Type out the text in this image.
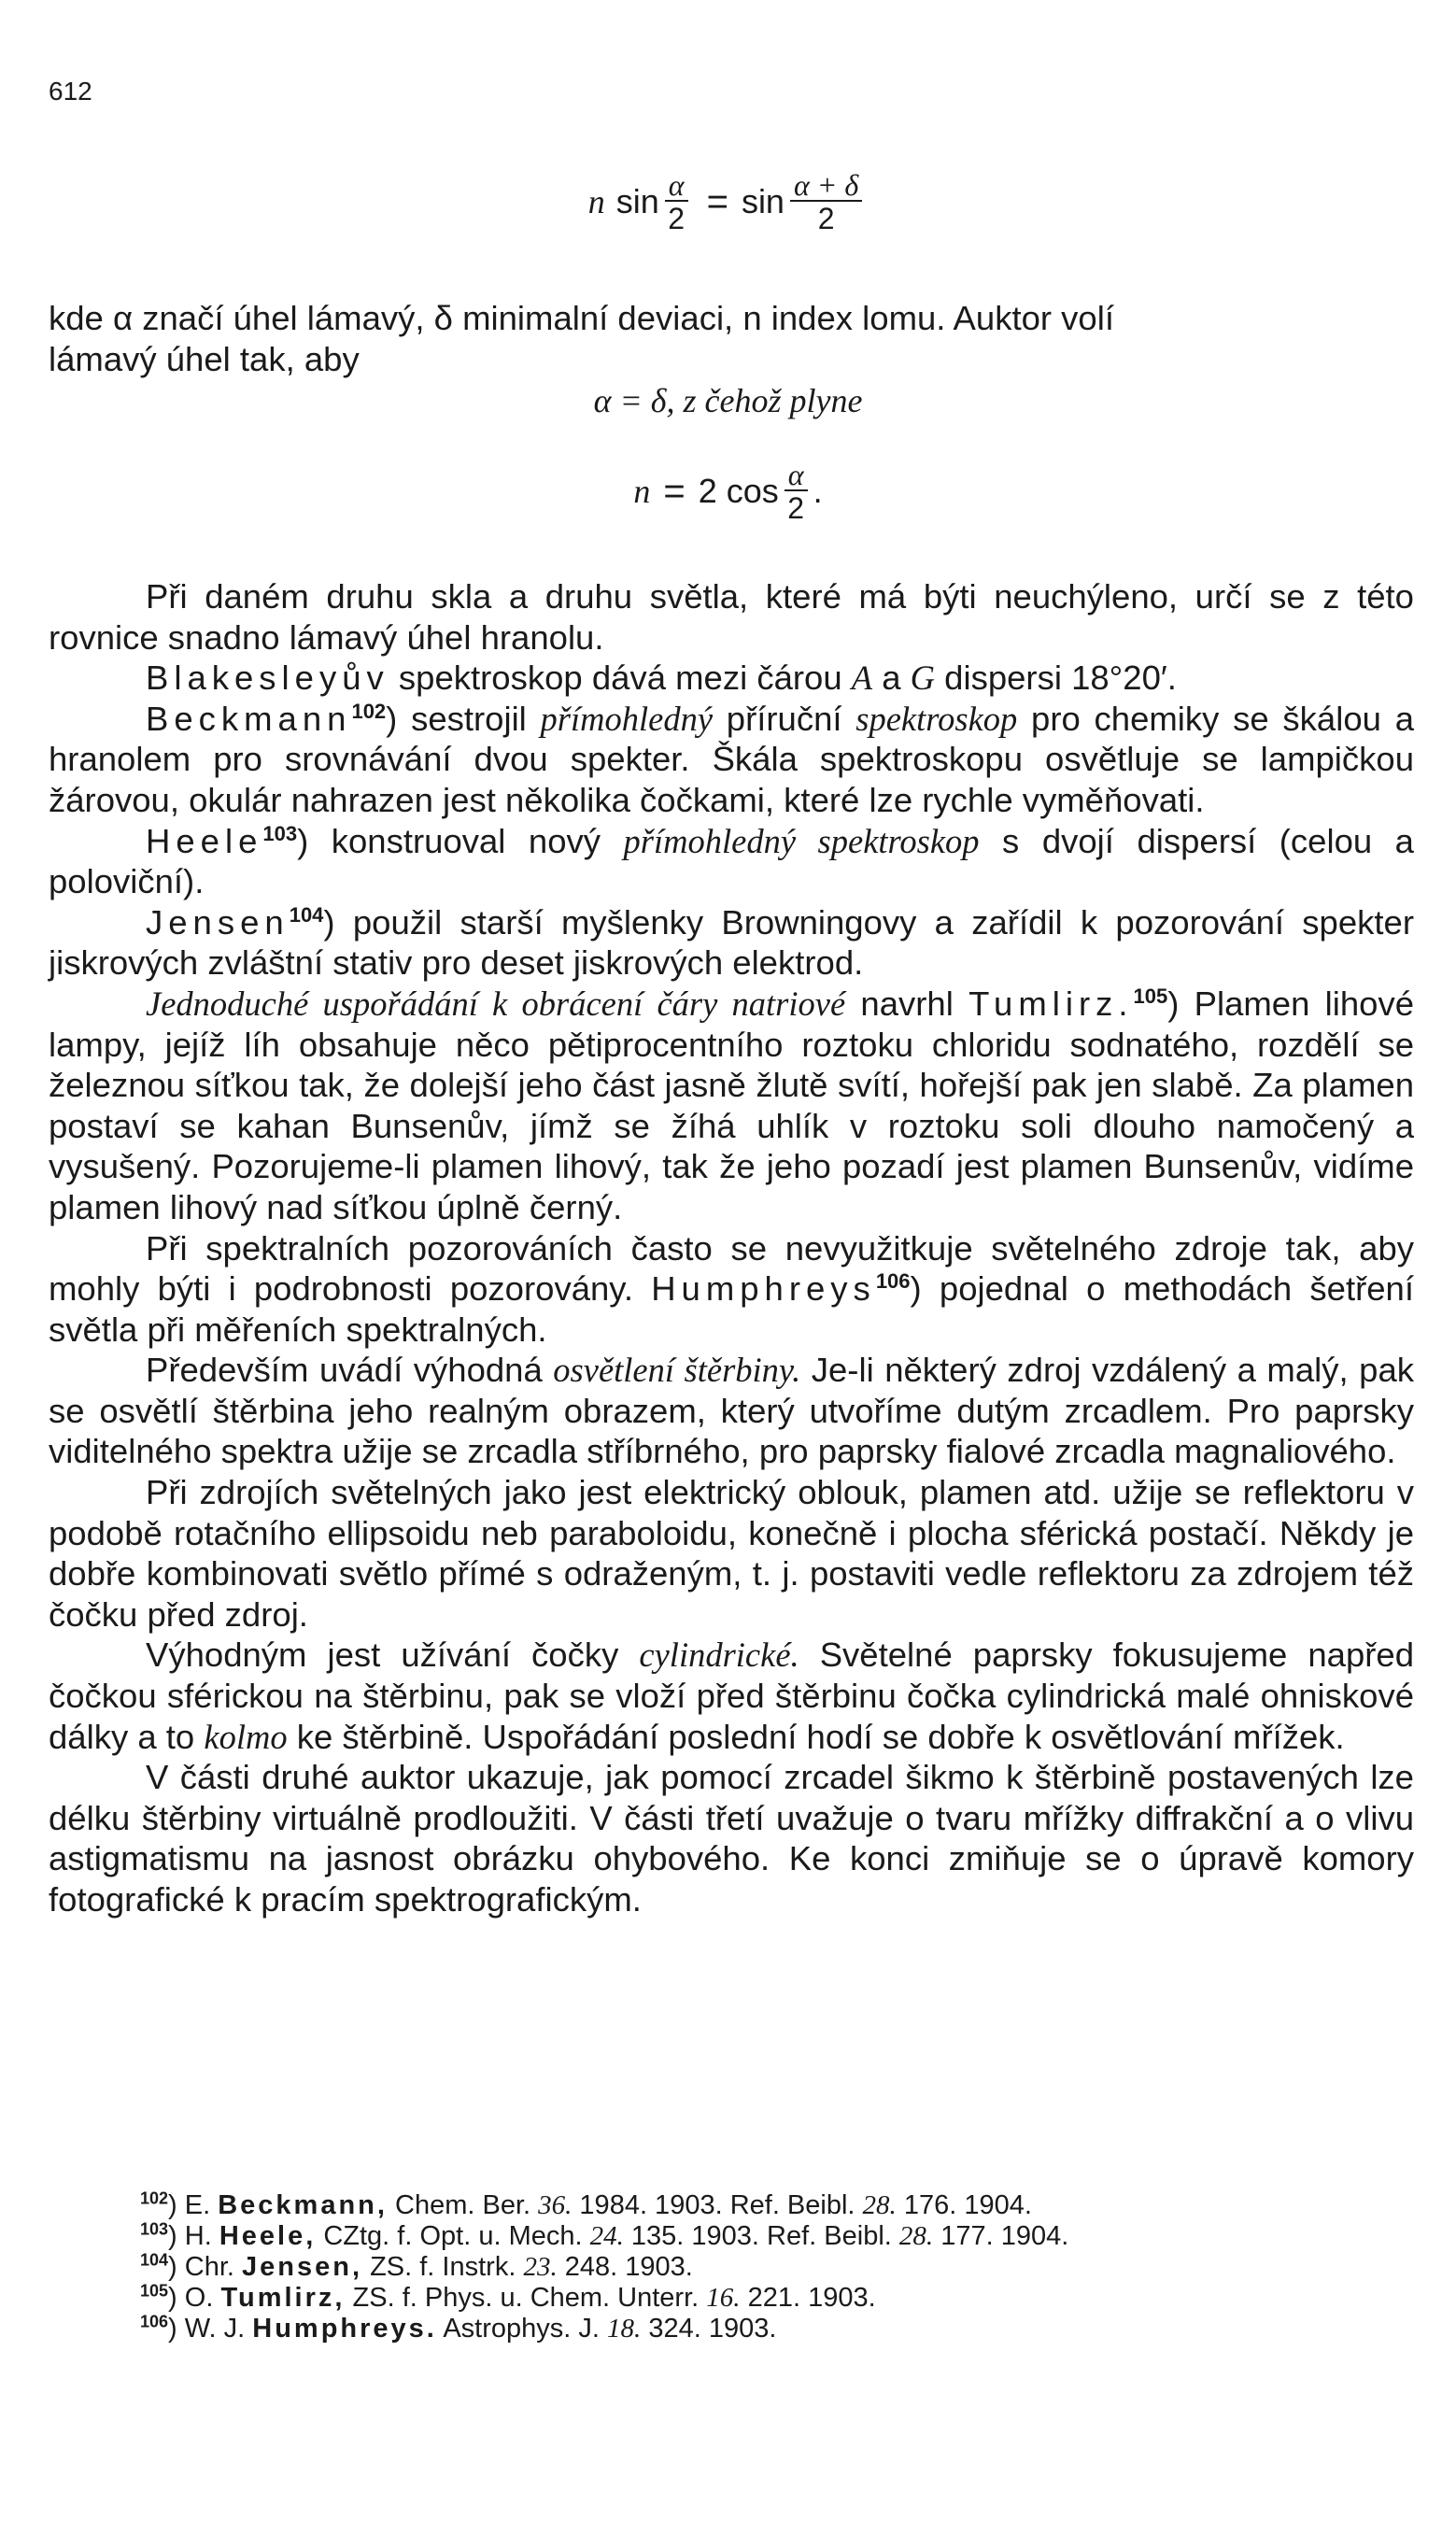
612
n $\sin \frac{\alpha}{2} = \sin \frac{\alpha + \delta}{2}$

kde α značí úhel lámavý, δ minimalní deviaci, n index lomu. Auktor volí

lámavý úhel tak, aby

α = δ, z čehož plyne
n = 2 $\cos \frac{\alpha}{2}$ .

Při daném druhu skla a druhu světla, které má býti neuchýleno, určí se z této rovnice snadno lámavý úhel hranolu.

Blakesleyův spektroskop dává mezi čárou A a G dispersi 18°20′.

Beckmann$^{102}$) sestrojil přímohledný příruční spektroskop pro chemiky se škálou a hranolem pro srovnávání dvou spekter. Škála spektroskopu osvětluje se lampičkou žárovou, okulár nahrazen jest několika čočkami, které lze rychle vyměňovati.

Heele$^{103}$) konstruoval nový přímohledný spektroskop s dvojí dispersí (celou a poloviční).

Jensen$^{104}$) použil starší myšlenky Browningovy a zařídil k pozorování spekter jiskrových zvláštní stativ pro deset jiskrových elektrod.

Jednoduché uspořádání k obrácení čáry natriové navrhl Tumlirz.$^{105}$) Plamen lihové lampy, jejíž líh obsahuje něco pětiprocentního roztoku chloridu sodnatého, rozdělí se železnou síťkou tak, že dolejší jeho část jasně žlutě svítí, hořejší pak jen slabě. Za plamen postaví se kahan Bunsenův, jímž se žíhá uhlík v roztoku soli dlouho namočený a vysušený. Pozorujeme-li plamen lihový, tak že jeho pozadí jest plamen Bunsenův, vidíme plamen lihový nad síťkou úplně černý.

Při spektralních pozorováních často se nevyužitkuje světelného zdroje tak, aby mohly býti i podrobnosti pozorovány. Humphreys$^{106}$) pojednal o methodách šetření světla při měřeních spektralných.

Především uvádí výhodná osvětlení štěrbiny. Je-li některý zdroj vzdálený a malý, pak se osvětlí štěrbina jeho realným obrazem, který utvoříme dutým zrcadlem. Pro paprsky viditelného spektra užije se zrcadla stříbrného, pro paprsky fialové zrcadla magnaliového.

Při zdrojích světelných jako jest elektrický oblouk, plamen atd. užije se reflektoru v podobě rotačního ellipsoidu neb paraboloidu, konečně i plocha sférická postačí. Někdy je dobře kombinovati světlo přímé s odraženým, t. j. postaviti vedle reflektoru za zdrojem též čočku před zdroj.

Výhodným jest užívání čočky cylindrické. Světelné paprsky fokusujeme napřed čočkou sférickou na štěrbinu, pak se vloží před štěrbinu čočka cylindrická malé ohniskové dálky a to kolmo ke štěrbině. Uspořádání poslední hodí se dobře k osvětlování mřížek.

V části druhé auktor ukazuje, jak pomocí zrcadel šikmo k štěrbině postavených lze délku štěrbiny virtuálně prodloužiti. V části třetí uvažuje o tvaru mřížky diffrakční a o vlivu astigmatismu na jasnost obrázku ohybového. Ke konci zmiňuje se o úpravě komory fotografické k pracím spektrografickým.

$^{102}$) E. Beckmann, Chem. Ber. 36. 1984. 1903. Ref. Beibl. 28. 176. 1904.
$^{103}$) H. Heele, CZtg. f. Opt. u. Mech. 24. 135. 1903. Ref. Beibl. 28. 177. 1904.
$^{104}$) Chr. Jensen, ZS. f. Instrk. 23. 248. 1903.
$^{105}$) O. Tumlirz, ZS. f. Phys. u. Chem. Unterr. 16. 221. 1903.
$^{106}$) W. J. Humphreys. Astrophys. J. 18. 324. 1903.
